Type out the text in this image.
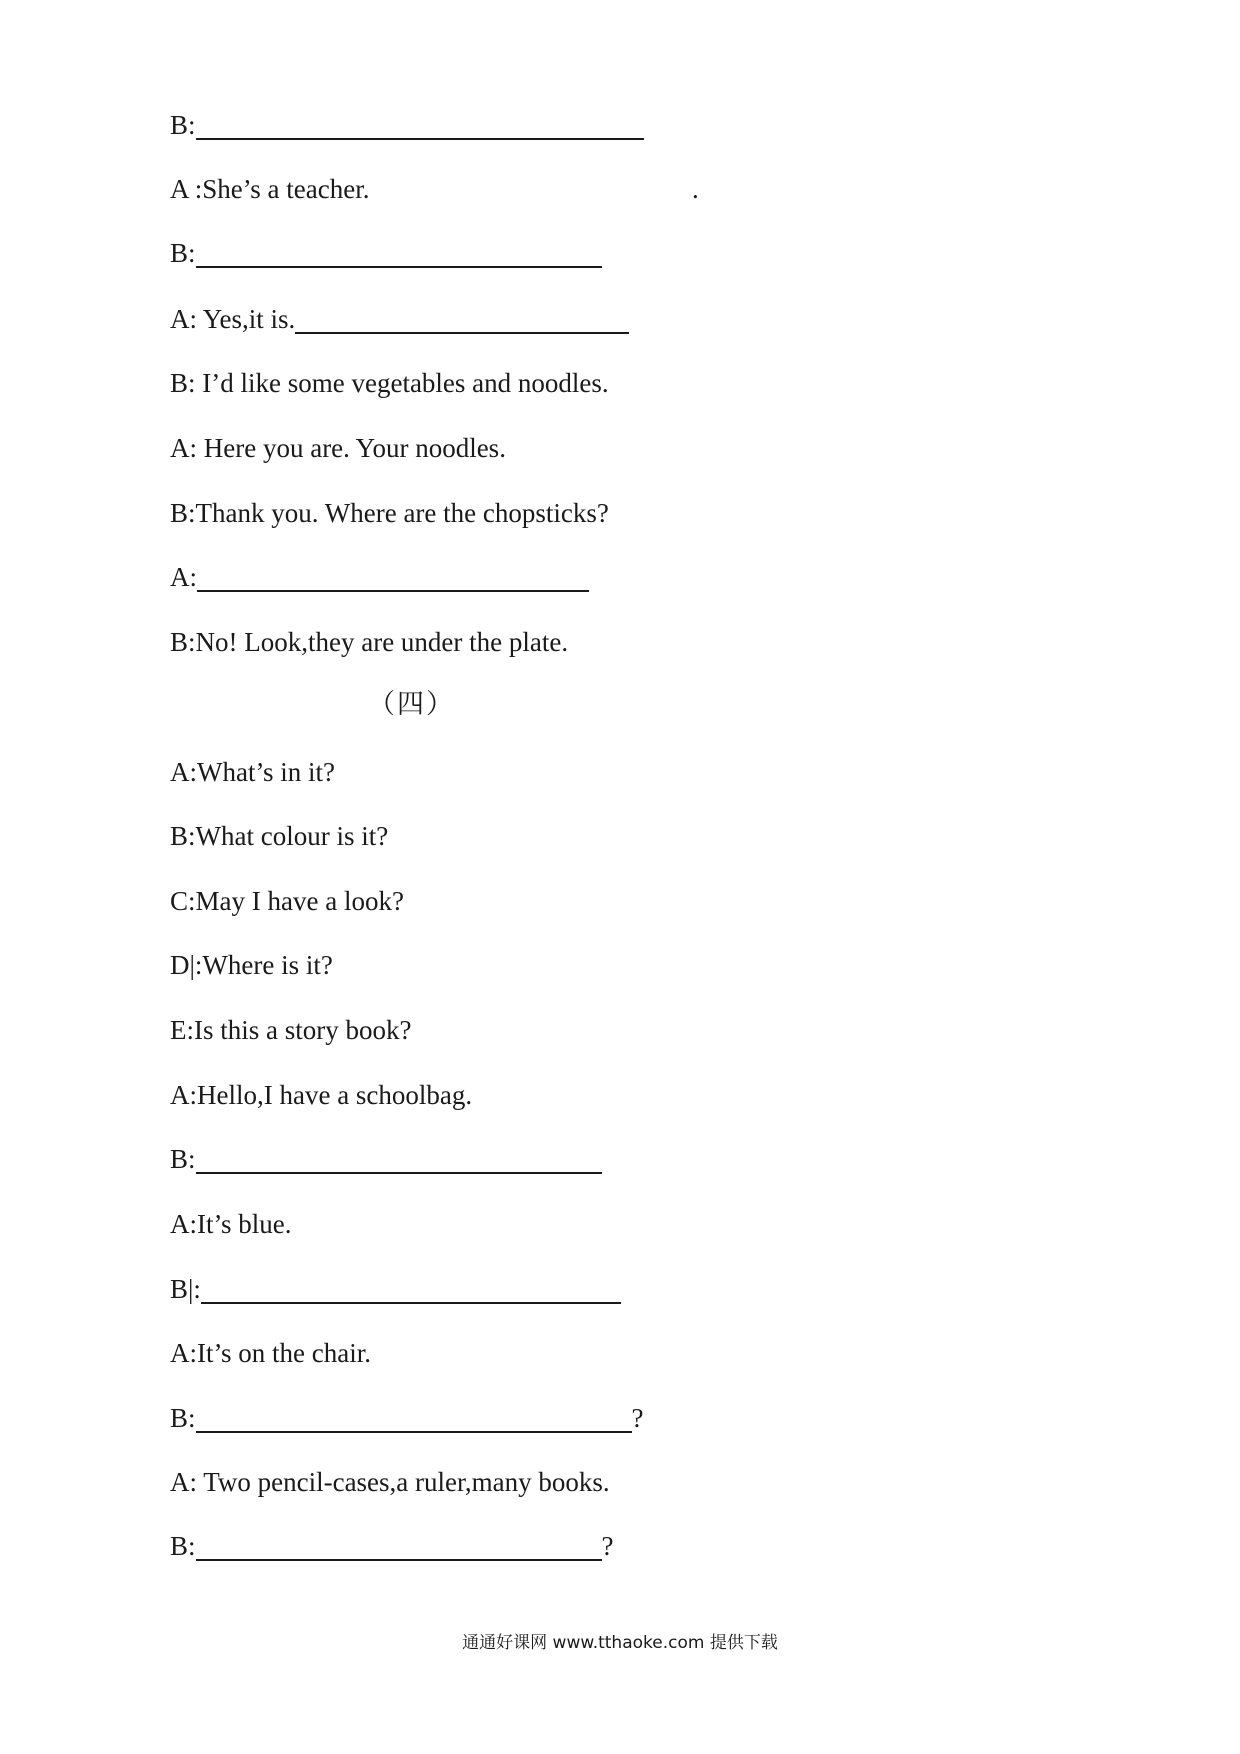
B:
A :She’s a teacher.	.
B:
A: Yes,it is.
B: I’d like some vegetables and noodles.
A: Here you are. Your noodles.
B:Thank you. Where are the chopsticks?
A:
B:No! Look,they are under the plate.
（四）
A:What’s in it?
B:What colour is it?
C:May I have a look?
D|:Where is it?
E:Is this a story book?
A:Hello,I have a schoolbag.
B:
A:It’s blue.
B|:
A:It’s on the chair.
B:	?
A: Two pencil-cases,a ruler,many books.
B:	?
通通好课网 www.tthaoke.com 提供下载
